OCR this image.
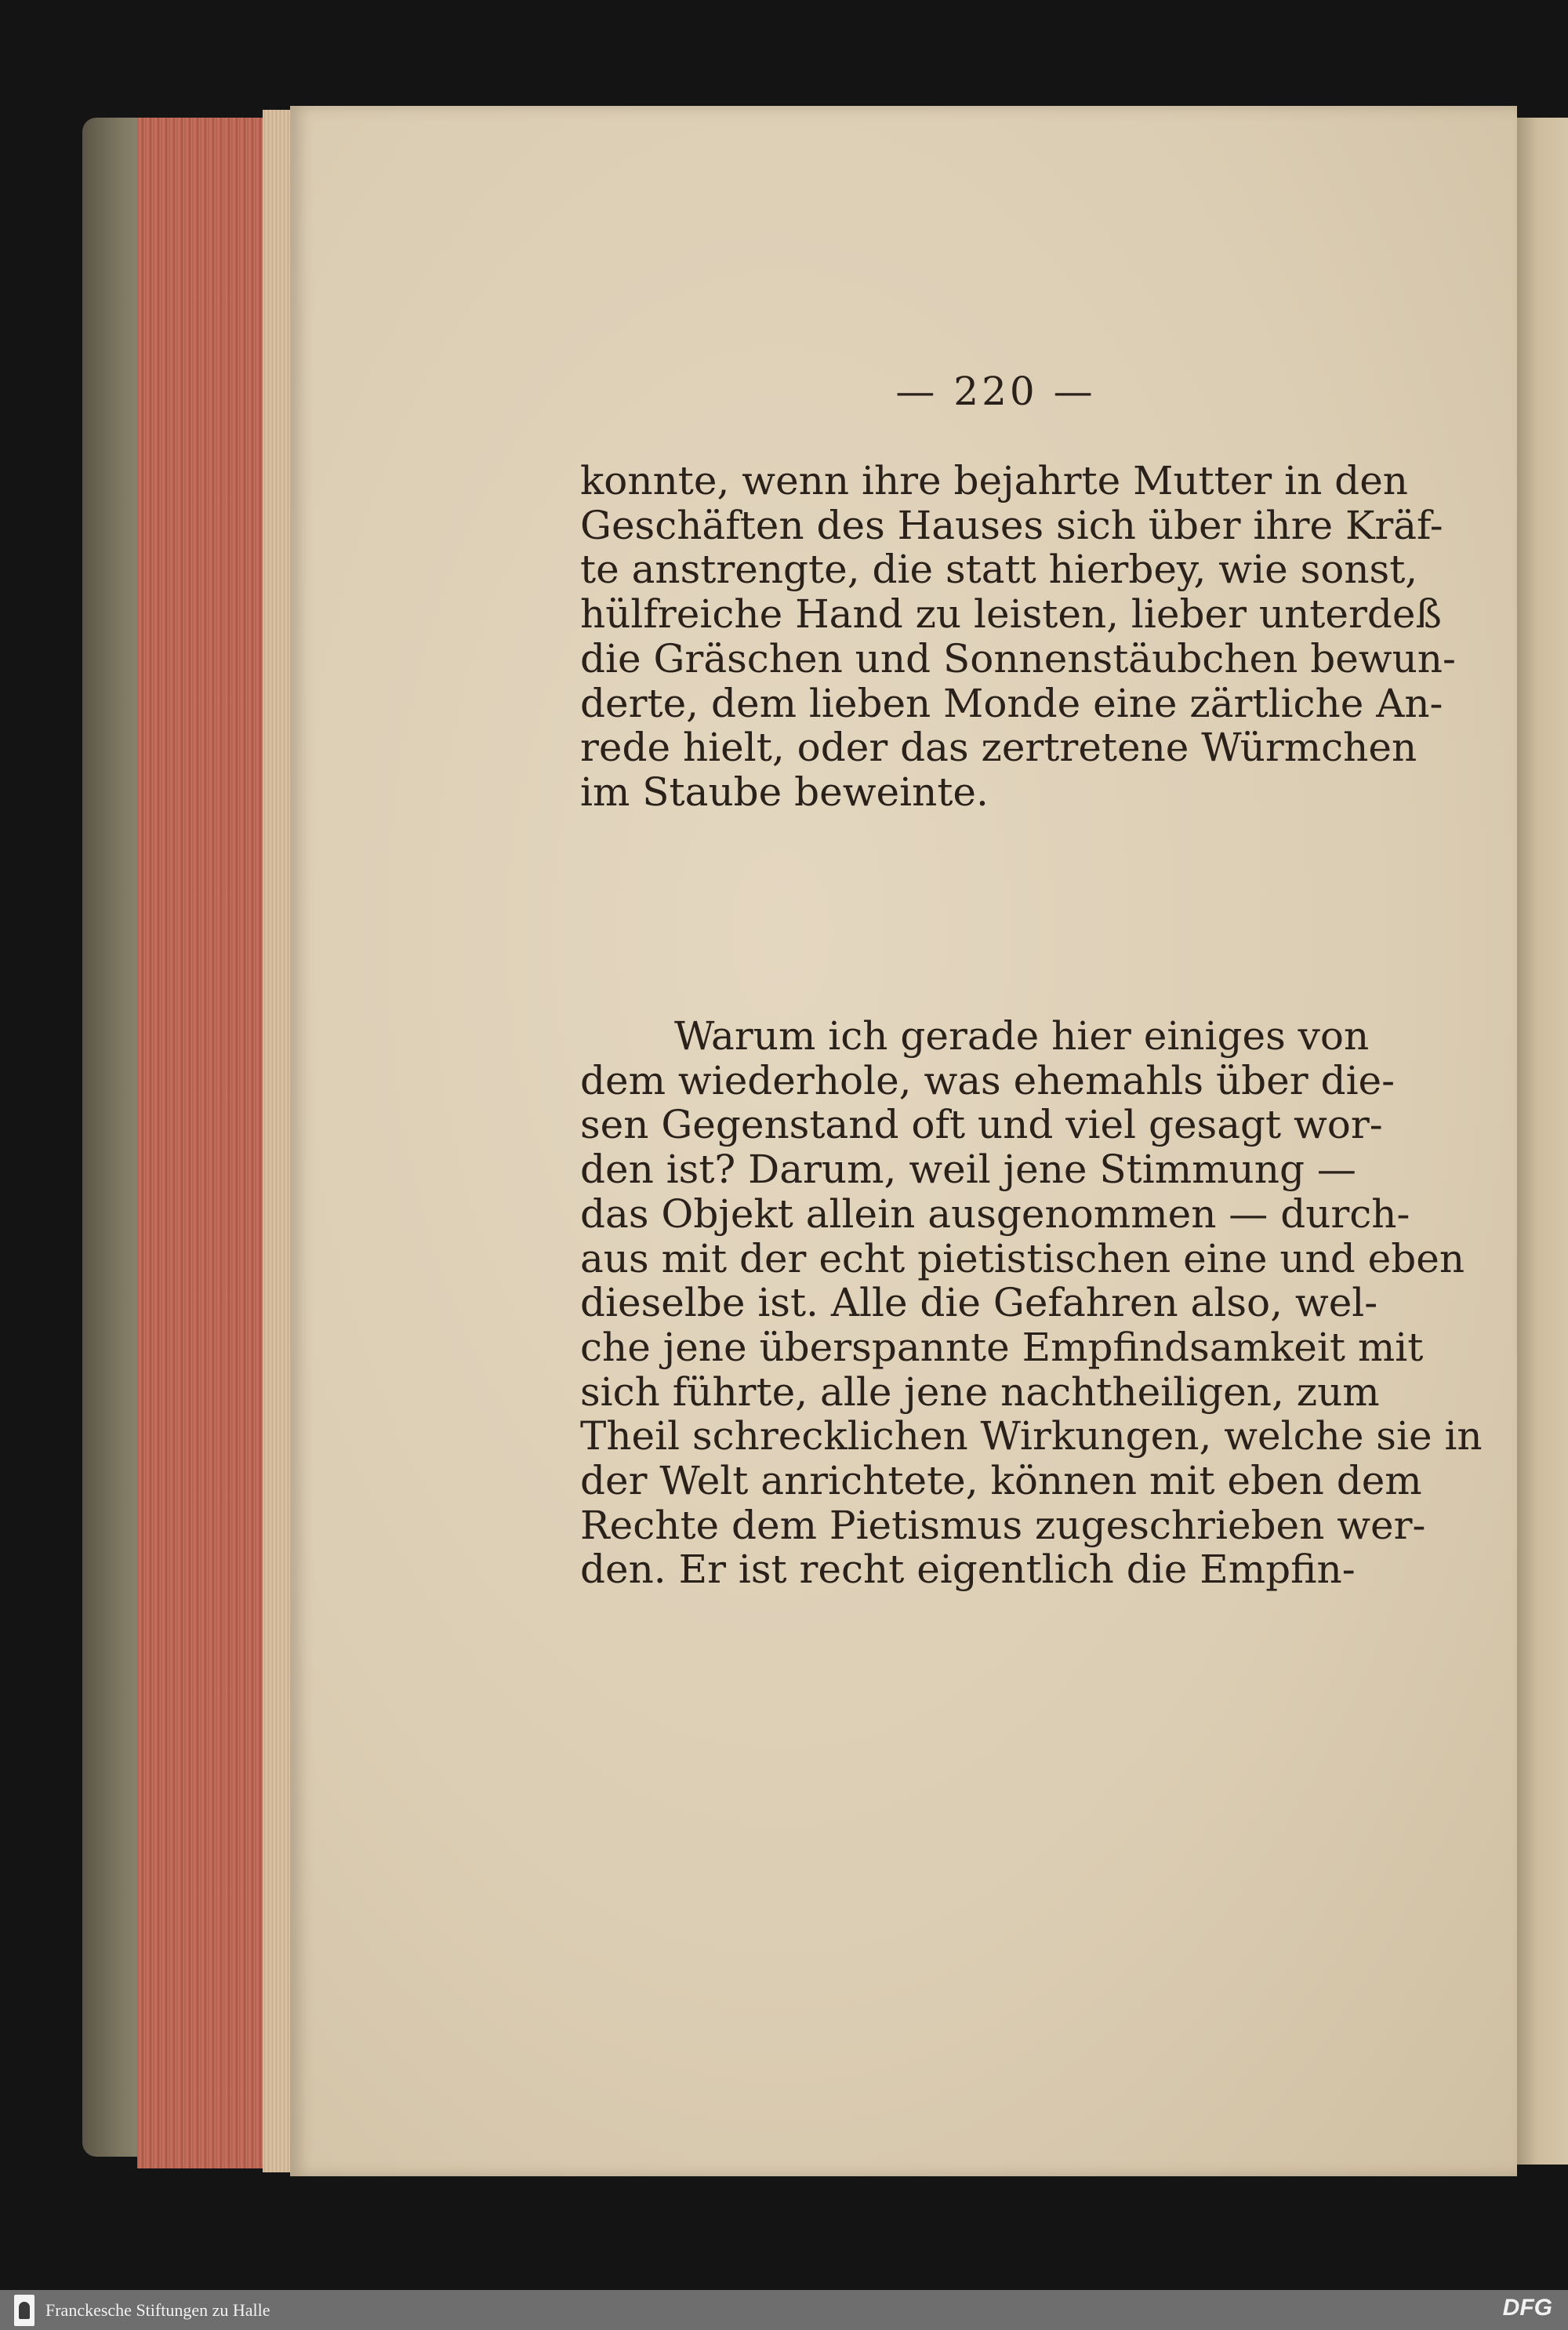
— 220 —
konnte, wenn ihre bejahrte Mutter in den
Geschäften des Hauses sich über ihre Kräf-
te anstrengte, die statt hierbey, wie sonst,
hülfreiche Hand zu leisten, lieber unterdeß
die Gräschen und Sonnenstäubchen bewun-
derte, dem lieben Monde eine zärtliche An-
rede hielt, oder das zertretene Würmchen
im Staube beweinte.
Warum ich gerade hier einiges von
dem wiederhole, was ehemahls über die-
sen Gegenstand oft und viel gesagt wor-
den ist? Darum, weil jene Stimmung —
das Objekt allein ausgenommen — durch-
aus mit der echt pietistischen eine und eben
dieselbe ist. Alle die Gefahren also, wel-
che jene überspannte Empfindsamkeit mit
sich führte, alle jene nachtheiligen, zum
Theil schrecklichen Wirkungen, welche sie in
der Welt anrichtete, können mit eben dem
Rechte dem Pietismus zugeschrieben wer-
den. Er ist recht eigentlich die Empfin-
Franckesche Stiftungen zu Halle	DFG
